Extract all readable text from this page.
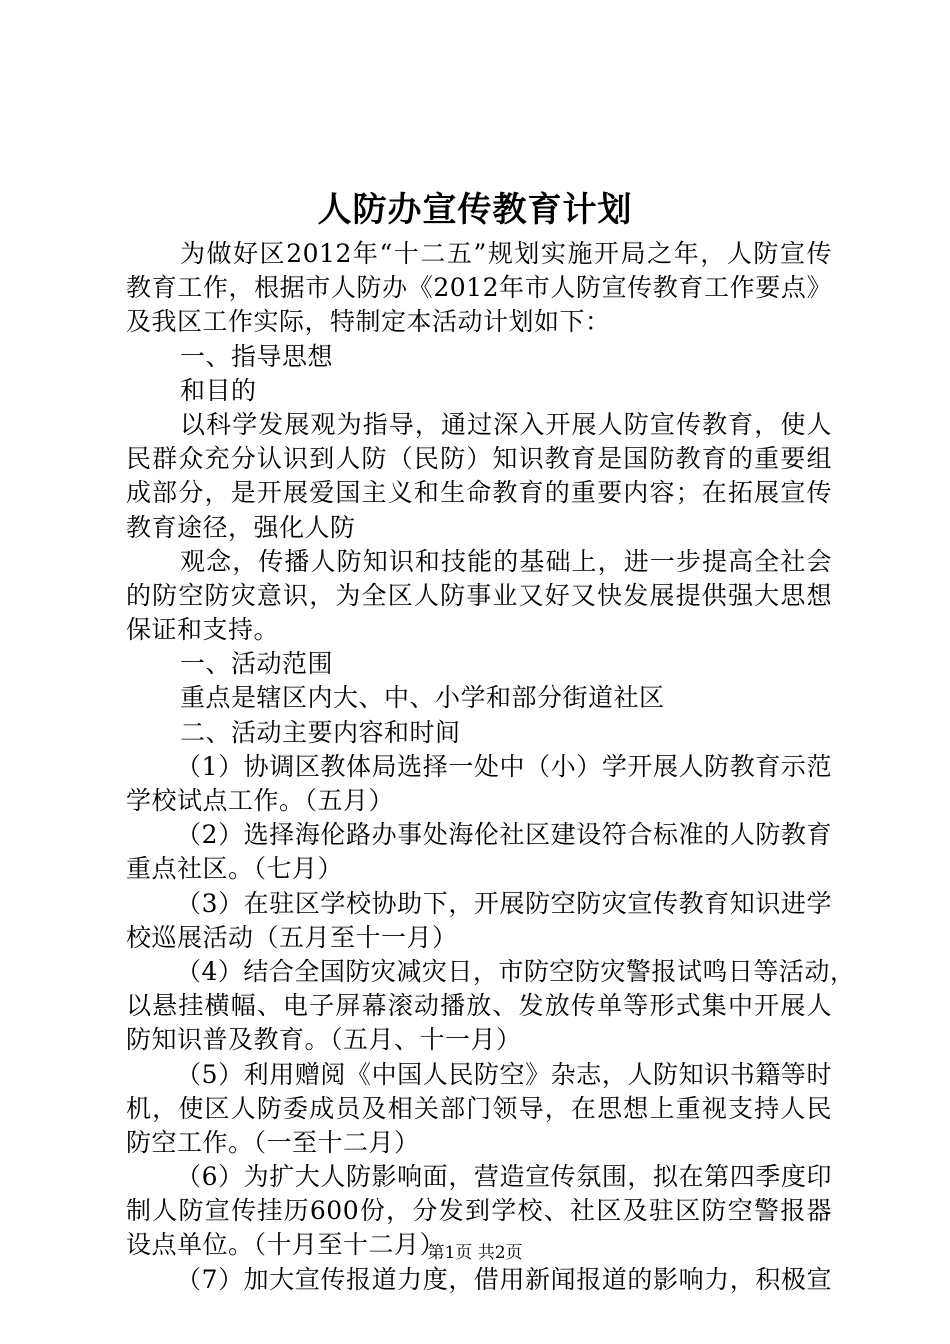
人防办宣传教育计划
为做好区2012年“十二五”规划实施开局之年，人防宣传
教育工作，根据市人防办《2012年市人防宣传教育工作要点》
及我区工作实际，特制定本活动计划如下：
一、指导思想
和目的
以科学发展观为指导，通过深入开展人防宣传教育，使人
民群众充分认识到人防（民防）知识教育是国防教育的重要组
成部分，是开展爱国主义和生命教育的重要内容；在拓展宣传
教育途径，强化人防
观念，传播人防知识和技能的基础上，进一步提高全社会
的防空防灾意识，为全区人防事业又好又快发展提供强大思想
保证和支持。
一、活动范围
重点是辖区内大、中、小学和部分街道社区
二、活动主要内容和时间
（1）协调区教体局选择一处中（小）学开展人防教育示范
学校试点工作。（五月）
（2）选择海伦路办事处海伦社区建设符合标准的人防教育
重点社区。（七月）
（3）在驻区学校协助下，开展防空防灾宣传教育知识进学
校巡展活动（五月至十一月）
（4）结合全国防灾减灾日，市防空防灾警报试鸣日等活动，
以悬挂横幅、电子屏幕滚动播放、发放传单等形式集中开展人
防知识普及教育。（五月、十一月）
（5）利用赠阅《中国人民防空》杂志，人防知识书籍等时
机，使区人防委成员及相关部门领导，在思想上重视支持人民
防空工作。（一至十二月）
（6）为扩大人防影响面，营造宣传氛围，拟在第四季度印
制人防宣传挂历600份，分发到学校、社区及驻区防空警报器
设点单位。（十月至十二月）
（7）加大宣传报道力度，借用新闻报道的影响力，积极宣
第1页 共2页
